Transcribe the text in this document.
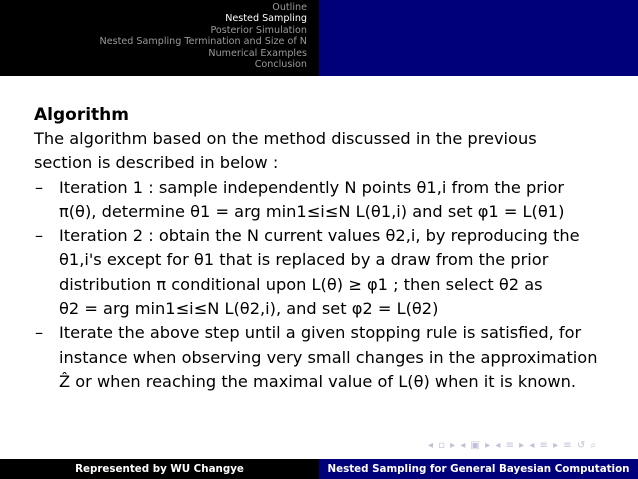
Outline
Nested Sampling
Posterior Simulation
Nested Sampling Termination and Size of N
Numerical Examples
Conclusion
Algorithm
The algorithm based on the method discussed in the previous
section is described in below :
– Iteration 1 : sample independently N points θ1,i from the prior
π(θ), determine θ1 = arg min1≤i≤N L(θ1,i) and set φ1 = L(θ1)
– Iteration 2 : obtain the N current values θ2,i, by reproducing the
θ1,i's except for θ1 that is replaced by a draw from the prior
distribution π conditional upon L(θ) ≥ φ1 ; then select θ2 as
θ2 = arg min1≤i≤N L(θ2,i), and set φ2 = L(θ2)
– Iterate the above step until a given stopping rule is satisfied, for
instance when observing very small changes in the approximation
Ẑ or when reaching the maximal value of L(θ) when it is known.
◂ ▫ ▸ ◂ ▣ ▸ ◂ ≡ ▸ ◂ ≡ ▸ ≡ ↺ ⌕
Represented by WU Changye	Nested Sampling for General Bayesian Computation
